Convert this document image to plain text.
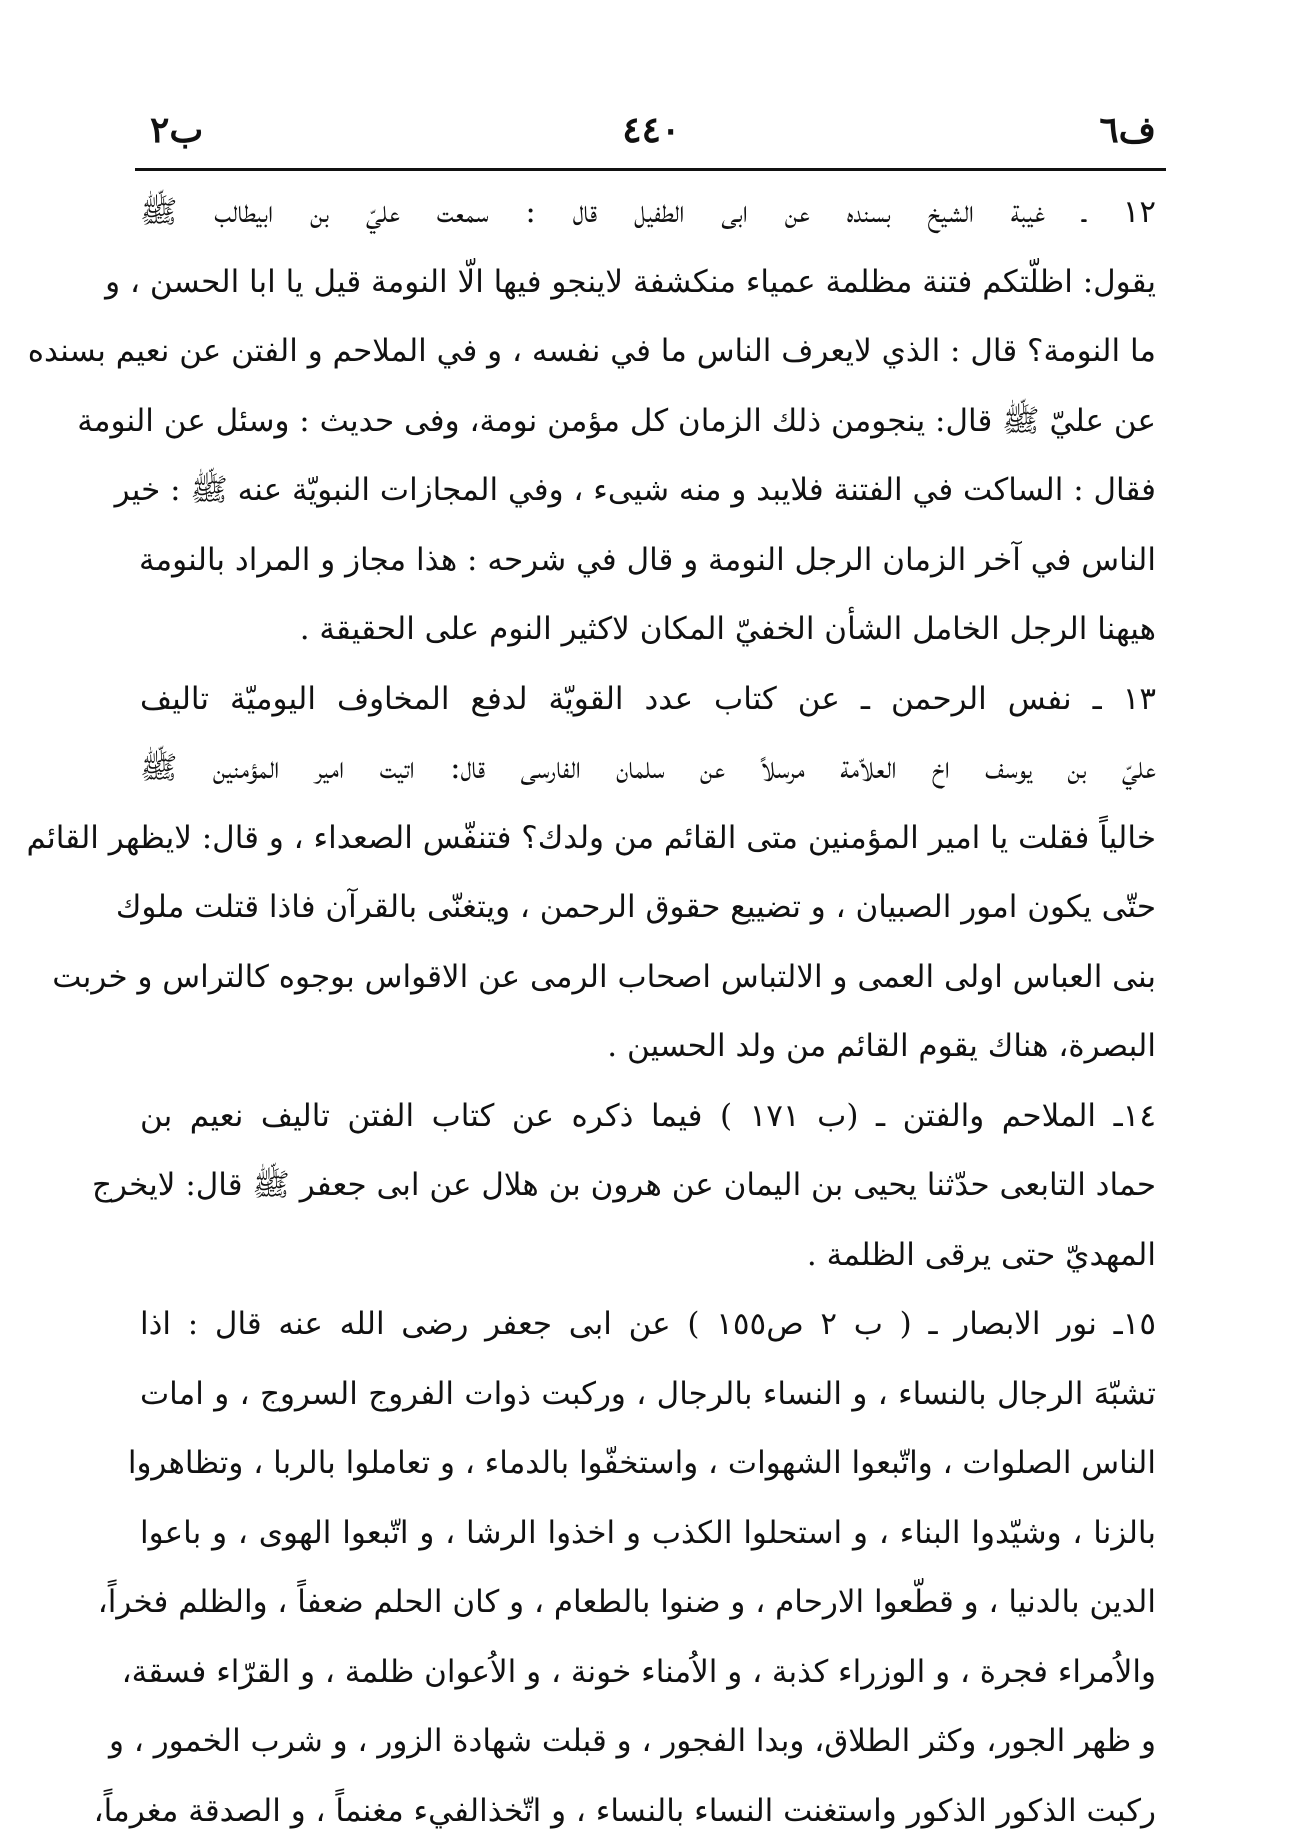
ب٢	٤٤٠	ف٦
١٢ ـ غيبة الشيخ بسنده عن ابى الطفيل قال : سمعت عليّ بن ابيطالب ﷺ
يقول: اظلّتكم فتنة مظلمة عمياء منكشفة لاينجو فيها الّا النومة قيل يا ابا الحسن ، و
ما النومة؟ قال : الذي لايعرف الناس ما في نفسه ، و في الملاحم و الفتن عن نعيم بسنده
عن عليّ ﷺ قال: ينجومن ذلك الزمان كل مؤمن نومة، وفى حديث : وسئل عن النومة
فقال : الساكت في الفتنة فلايبد و منه شيىء ، وفي المجازات النبويّة عنه ﷺ : خير
الناس في آخر الزمان الرجل النومة و قال في شرحه : هذا مجاز و المراد بالنومة
هيهنا الرجل الخامل الشأن الخفيّ المكان لاكثير النوم على الحقيقة .
١٣ ـ نفس الرحمن ـ عن كتاب عدد القويّة لدفع المخاوف اليوميّة تاليف
عليّ بن يوسف اخ العلاّمة مرسلاً عن سلمان الفارسى قال: اتيت امير المؤمنين ﷺ
خالياً فقلت يا امير المؤمنين متى القائم من ولدك؟ فتنفّس الصعداء ، و قال: لايظهر القائم
حتّى يكون امور الصبيان ، و تضييع حقوق الرحمن ، ويتغنّى بالقرآن فاذا قتلت ملوك
بنى العباس اولى العمى و الالتباس اصحاب الرمى عن الاقواس بوجوه كالتراس و خربت
البصرة، هناك يقوم القائم من ولد الحسين .
١٤ـ الملاحم والفتن ـ (ب ١٧١ ) فيما ذكره عن كتاب الفتن تاليف نعيم بن
حماد التابعى حدّثنا يحيى بن اليمان عن هرون بن هلال عن ابى جعفر ﷺ قال: لايخرج
المهديّ حتى يرقى الظلمة .
١٥ـ نور الابصار ـ ( ب ٢ ص١٥٥ ) عن ابى جعفر رضى الله عنه قال : اذا
تشبّهَ الرجال بالنساء ، و النساء بالرجال ، وركبت ذوات الفروج السروج ، و امات
الناس الصلوات ، واتّبعوا الشهوات ، واستخفّوا بالدماء ، و تعاملوا بالربا ، وتظاهروا
بالزنا ، وشيّدوا البناء ، و استحلوا الكذب و اخذوا الرشا ، و اتّبعوا الهوى ، و باعوا
الدين بالدنيا ، و قطّعوا الارحام ، و ضنوا بالطعام ، و كان الحلم ضعفاً ، والظلم فخراً،
والاُمراء فجرة ، و الوزراء كذبة ، و الاُمناء خونة ، و الاُعوان ظلمة ، و القرّاء فسقة،
و ظهر الجور، وكثر الطلاق، وبدا الفجور ، و قبلت شهادة الزور ، و شرب الخمور ، و
ركبت الذكور الذكور واستغنت النساء بالنساء ، و اتّخذالفيء مغنماً ، و الصدقة مغرماً،
